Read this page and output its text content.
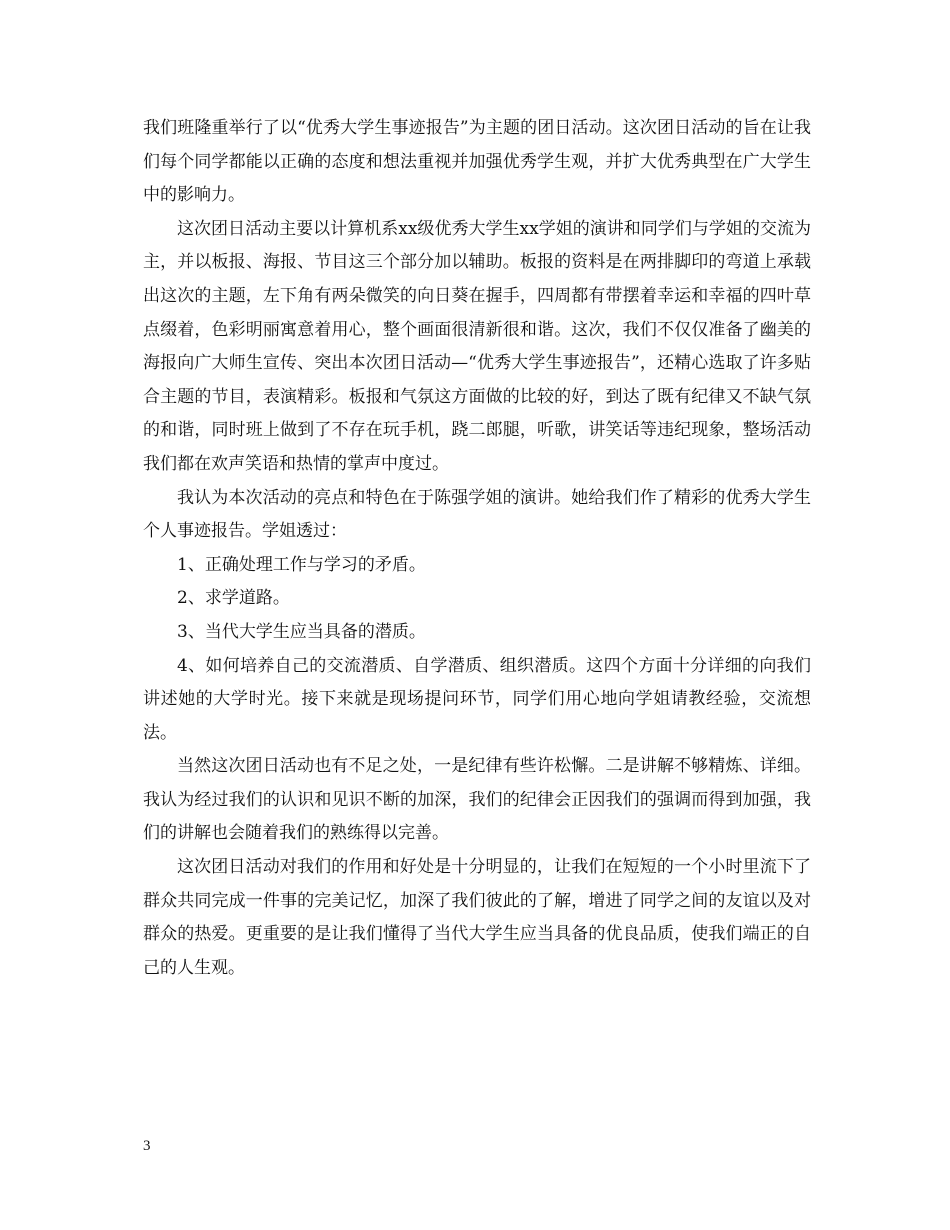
我们班隆重举行了以“优秀大学生事迹报告”为主题的团日活动。这次团日活动的旨在让我们每个同学都能以正确的态度和想法重视并加强优秀学生观，并扩大优秀典型在广大学生中的影响力。

这次团日活动主要以计算机系xx级优秀大学生xx学姐的演讲和同学们与学姐的交流为主，并以板报、海报、节目这三个部分加以辅助。板报的资料是在两排脚印的弯道上承载出这次的主题，左下角有两朵微笑的向日葵在握手，四周都有带摆着幸运和幸福的四叶草点缀着，色彩明丽寓意着用心，整个画面很清新很和谐。这次，我们不仅仅准备了幽美的海报向广大师生宣传、突出本次团日活动—“优秀大学生事迹报告”，还精心选取了许多贴合主题的节目，表演精彩。板报和气氛这方面做的比较的好，到达了既有纪律又不缺气氛的和谐，同时班上做到了不存在玩手机，跷二郎腿，听歌，讲笑话等违纪现象，整场活动我们都在欢声笑语和热情的掌声中度过。

我认为本次活动的亮点和特色在于陈强学姐的演讲。她给我们作了精彩的优秀大学生个人事迹报告。学姐透过：

1、正确处理工作与学习的矛盾。

2、求学道路。

3、当代大学生应当具备的潜质。

4、如何培养自己的交流潜质、自学潜质、组织潜质。这四个方面十分详细的向我们讲述她的大学时光。接下来就是现场提问环节，同学们用心地向学姐请教经验，交流想法。

当然这次团日活动也有不足之处，一是纪律有些许松懈。二是讲解不够精炼、详细。我认为经过我们的认识和见识不断的加深，我们的纪律会正因我们的强调而得到加强，我们的讲解也会随着我们的熟练得以完善。

这次团日活动对我们的作用和好处是十分明显的，让我们在短短的一个小时里流下了群众共同完成一件事的完美记忆，加深了我们彼此的了解，增进了同学之间的友谊以及对群众的热爱。更重要的是让我们懂得了当代大学生应当具备的优良品质，使我们端正的自己的人生观。

3
